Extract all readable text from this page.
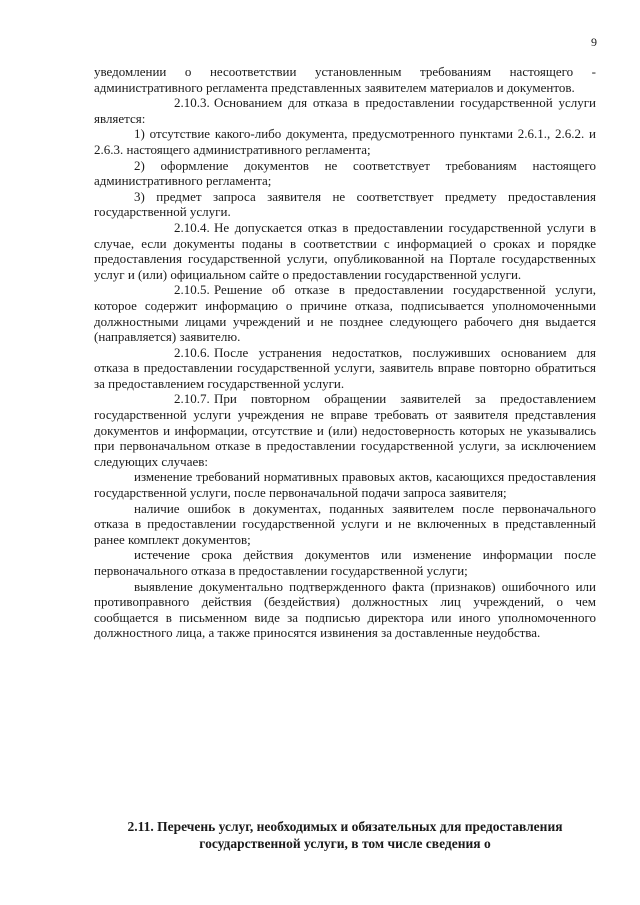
9

уведомлении о несоответствии установленным требованиям настоящего - административного регламента представленных заявителем материалов и документов.

2.10.3. Основанием для отказа в предоставлении государственной услуги является:

1) отсутствие какого-либо документа, предусмотренного пунктами 2.6.1., 2.6.2. и 2.6.3. настоящего административного регламента;

2) оформление документов не соответствует требованиям настоящего административного регламента;

3) предмет запроса заявителя не соответствует предмету предоставления государственной услуги.

2.10.4. Не допускается отказ в предоставлении государственной услуги в случае, если документы поданы в соответствии с информацией о сроках и порядке предоставления государственной услуги, опубликованной на Портале государственных услуг и (или) официальном сайте о предоставлении государственной услуги.

2.10.5. Решение об отказе в предоставлении государственной услуги, которое содержит информацию о причине отказа, подписывается уполномоченными должностными лицами учреждений и не позднее следующего рабочего дня выдается (направляется) заявителю.

2.10.6. После устранения недостатков, послуживших основанием для отказа в предоставлении государственной услуги, заявитель вправе повторно обратиться за предоставлением государственной услуги.

2.10.7. При повторном обращении заявителей за предоставлением государственной услуги учреждения не вправе требовать от заявителя представления документов и информации, отсутствие и (или) недостоверность которых не указывались при первоначальном отказе в предоставлении государственной услуги, за исключением следующих случаев:

изменение требований нормативных правовых актов, касающихся предоставления государственной услуги, после первоначальной подачи запроса заявителя;

наличие ошибок в документах, поданных заявителем после первоначального отказа в предоставлении государственной услуги и не включенных в представленный ранее комплект документов;

истечение срока действия документов или изменение информации после первоначального отказа в предоставлении государственной услуги;

выявление документально подтвержденного факта (признаков) ошибочного или противоправного действия (бездействия) должностных лиц учреждений, о чем сообщается в письменном виде за подписью директора или иного уполномоченного должностного лица, а также приносятся извинения за доставленные неудобства.

2.11. Перечень услуг, необходимых и обязательных для предоставления государственной услуги, в том числе сведения о
